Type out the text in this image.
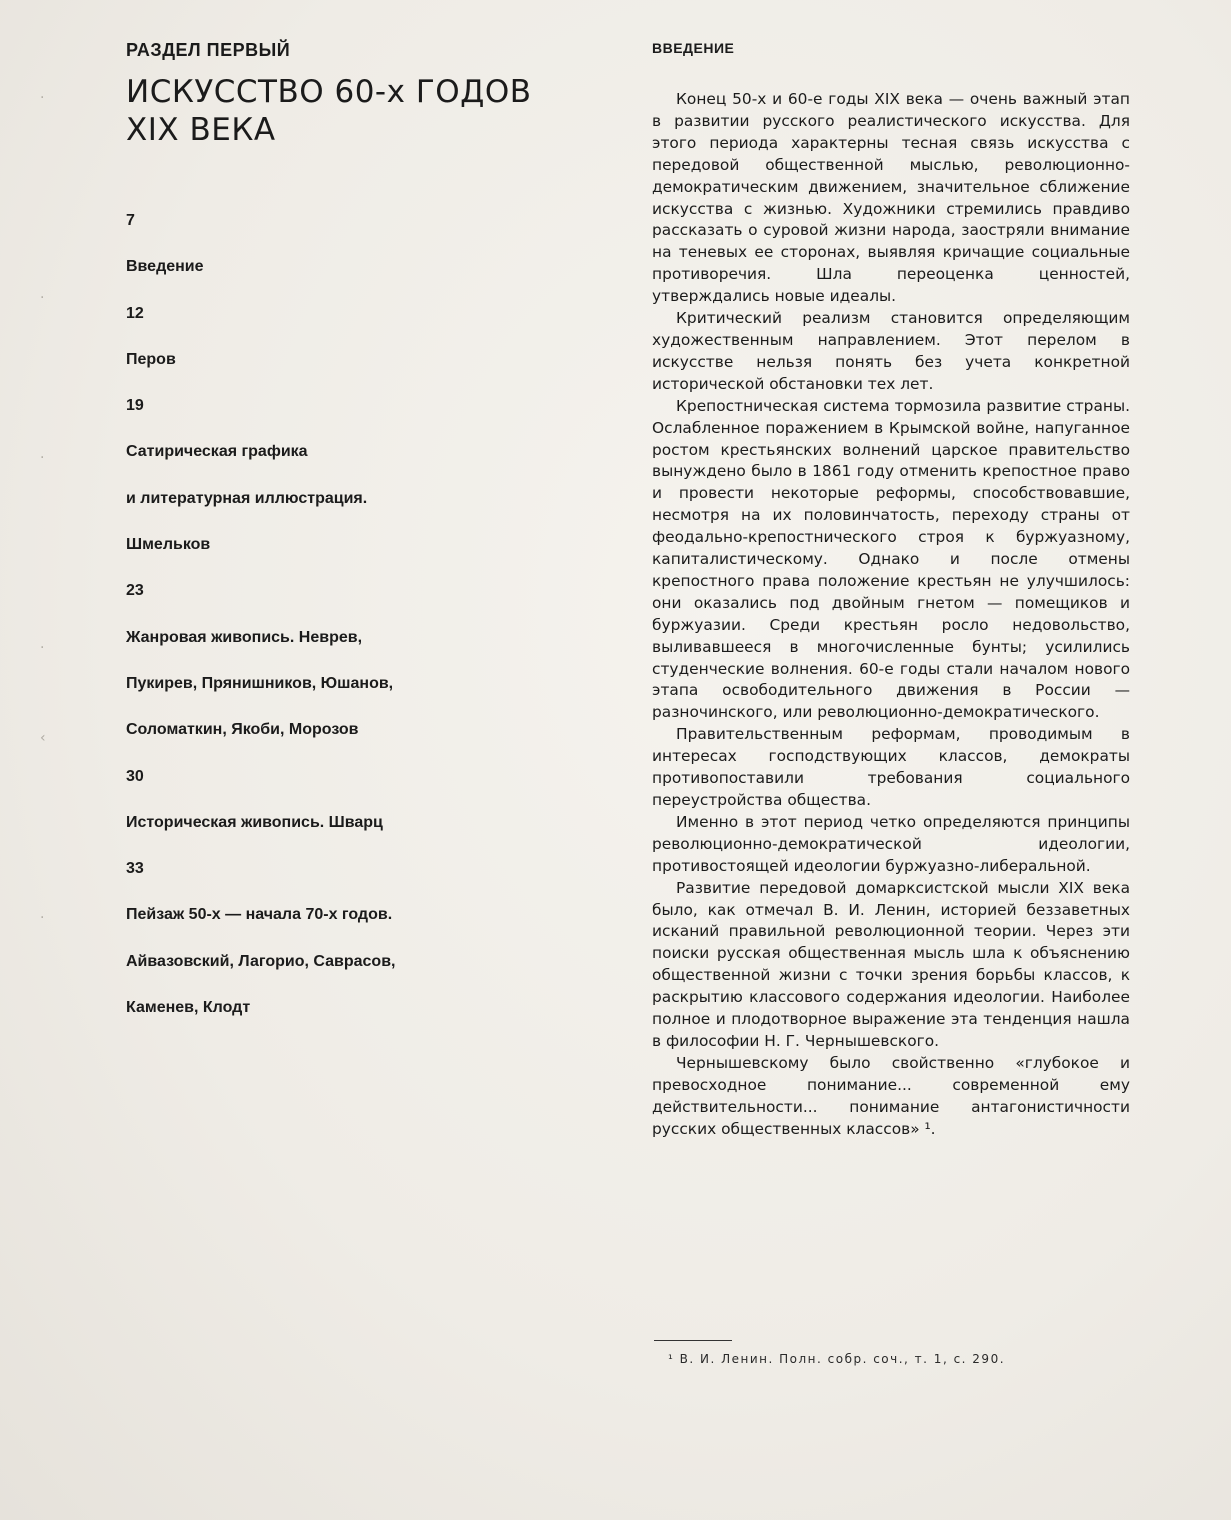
·
·
·
·
‹
·
РАЗДЕЛ ПЕРВЫЙ
ИСКУССТВО 60-х ГОДОВ
XIX ВЕКА
7
Введение
12
Перов
19
Сатирическая графика
и литературная иллюстрация.
Шмельков
23
Жанровая живопись. Неврев,
Пукирев, Прянишников, Юшанов,
Соломаткин, Якоби, Морозов
30
Историческая живопись. Шварц
33
Пейзаж 50-х — начала 70-х годов.
Айвазовский, Лагорио, Саврасов,
Каменев, Клодт
ВВЕДЕНИЕ

Конец 50-х и 60-е годы XIX века — очень важный этап в развитии русского реалистического искусства. Для этого периода характерны тесная связь искусства с передовой общественной мыслью, революционно-демократическим движением, значительное сближение искусства с жизнью. Художники стремились правдиво рассказать о суровой жизни народа, заостряли внимание на теневых ее сторонах, выявляя кричащие социальные противоречия. Шла переоценка ценностей, утверждались новые идеалы.

Критический реализм становится определяющим художественным направлением. Этот перелом в искусстве нельзя понять без учета конкретной исторической обстановки тех лет.

Крепостническая система тормозила развитие страны. Ослабленное поражением в Крымской войне, напуганное ростом крестьянских волнений царское правительство вынуждено было в 1861 году отменить крепостное право и провести некоторые реформы, способствовавшие, несмотря на их половинчатость, переходу страны от феодально-крепостнического строя к буржуазному, капиталистическому. Однако и после отмены крепостного права положение крестьян не улучшилось: они оказались под двойным гнетом — помещиков и буржуазии. Среди крестьян росло недовольство, выливавшееся в многочисленные бунты; усилились студенческие волнения. 60-е годы стали началом нового этапа освободительного движения в России — разночинского, или революционно-демократического.

Правительственным реформам, проводимым в интересах господствующих классов, демократы противопоставили требования социального переустройства общества.

Именно в этот период четко определяются принципы революционно-демократической идеологии, противостоящей идеологии буржуазно-либеральной.

Развитие передовой домарксистской мысли XIX века было, как отмечал В. И. Ленин, историей беззаветных исканий правильной революционной теории. Через эти поиски русская общественная мысль шла к объяснению общественной жизни с точки зрения борьбы классов, к раскрытию классового содержания идеологии. Наиболее полное и плодотворное выражение эта тенденция нашла в философии Н. Г. Чернышевского.

Чернышевскому было свойственно «глубокое и превосходное понимание... современной ему действительности... понимание антагонистичности русских общественных классов» ¹.

¹ В. И. Ленин. Полн. собр. соч., т. 1, с. 290.
